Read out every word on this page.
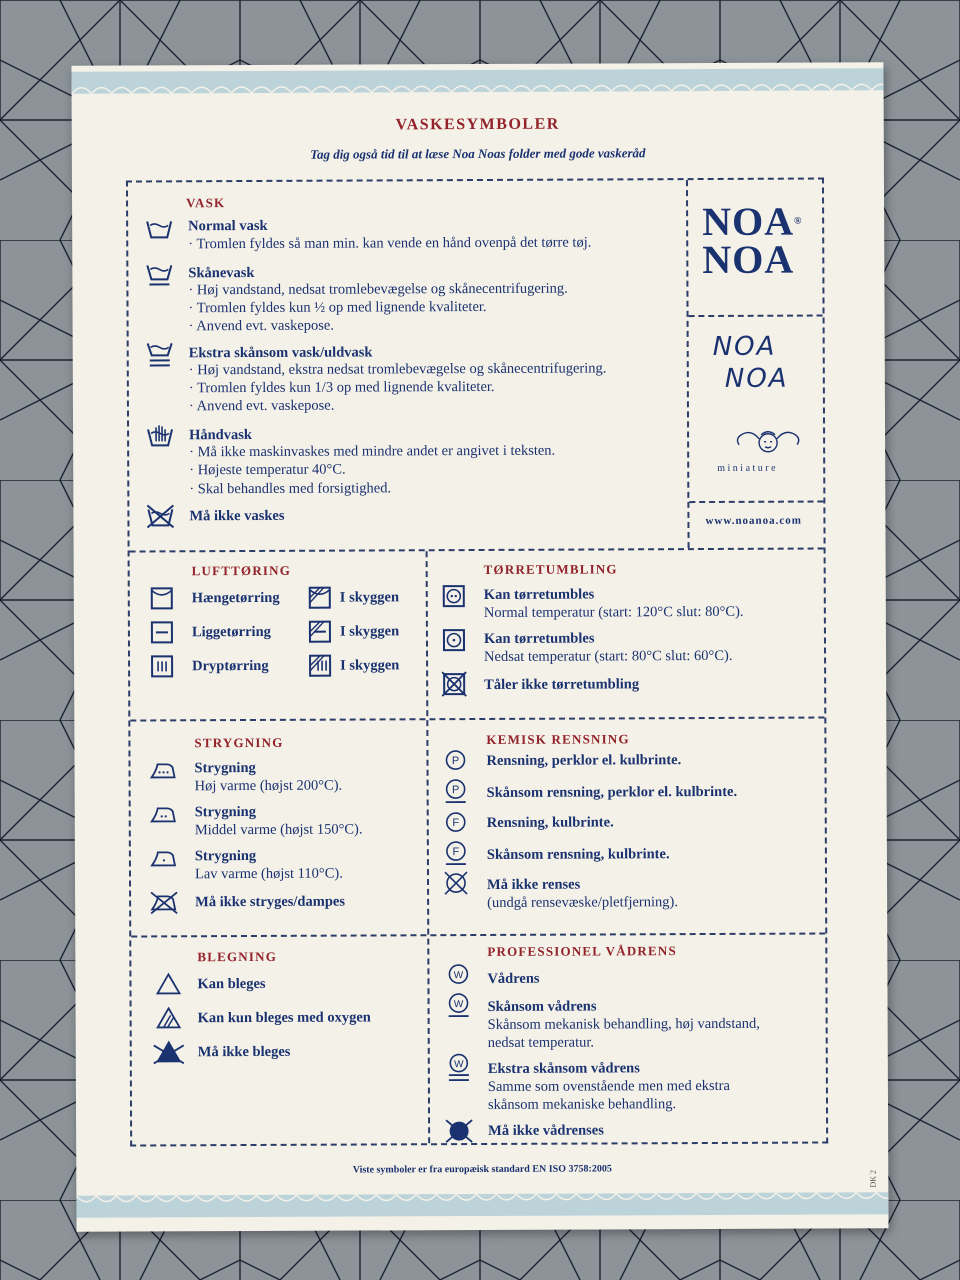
VASKESYMBOLER
Tag dig også tid til at læse Noa Noas folder med gode vaskeråd
VASK
Normal vask
· Tromlen fyldes så man min. kan vende en hånd ovenpå det tørre tøj.
Skånevask
· Høj vandstand, nedsat tromlebevægelse og skånecentrifugering.
· Tromlen fyldes kun ½ op med lignende kvaliteter.
· Anvend evt. vaskepose.
Ekstra skånsom vask/uldvask
· Høj vandstand, ekstra nedsat tromlebevægelse og skånecentrifugering.
· Tromlen fyldes kun 1/3 op med lignende kvaliteter.
· Anvend evt. vaskepose.
Håndvask
· Må ikke maskinvaskes med mindre andet er angivet i teksten.
· Højeste temperatur 40°C.
· Skal behandles med forsigtighed.
Må ikke vaskes
NOA®
NOA
NOA
NOA
miniature
www.noanoa.com
LUFTTØRING
Hængetørring	I skyggen
Liggetørring	I skyggen
Dryptørring	I skyggen
TØRRETUMBLING
Kan tørretumbles
Normal temperatur (start: 120°C slut: 80°C).
Kan tørretumbles
Nedsat temperatur (start: 80°C slut: 60°C).
Tåler ikke tørretumbling
STRYGNING
Strygning
Høj varme (højst 200°C).
Strygning
Middel varme (højst 150°C).
Strygning
Lav varme (højst 110°C).
Må ikke stryges/dampes
KEMISK RENSNING
P Rensning, perklor el. kulbrinte.
P Skånsom rensning, perklor el. kulbrinte.
F Rensning, kulbrinte.
F Skånsom rensning, kulbrinte.
Må ikke renses
(undgå rensevæske/pletfjerning).
BLEGNING
Kan bleges
Kan kun bleges med oxygen
Må ikke bleges
PROFESSIONEL VÅDRENS
W Vådrens
W Skånsom vådrens
Skånsom mekanisk behandling, høj vandstand,
nedsat temperatur.
W Ekstra skånsom vådrens
Samme som ovenstående men med ekstra
skånsom mekaniske behandling.
Må ikke vådrenses
Viste symboler er fra europæisk standard EN ISO 3758:2005
DK 2
